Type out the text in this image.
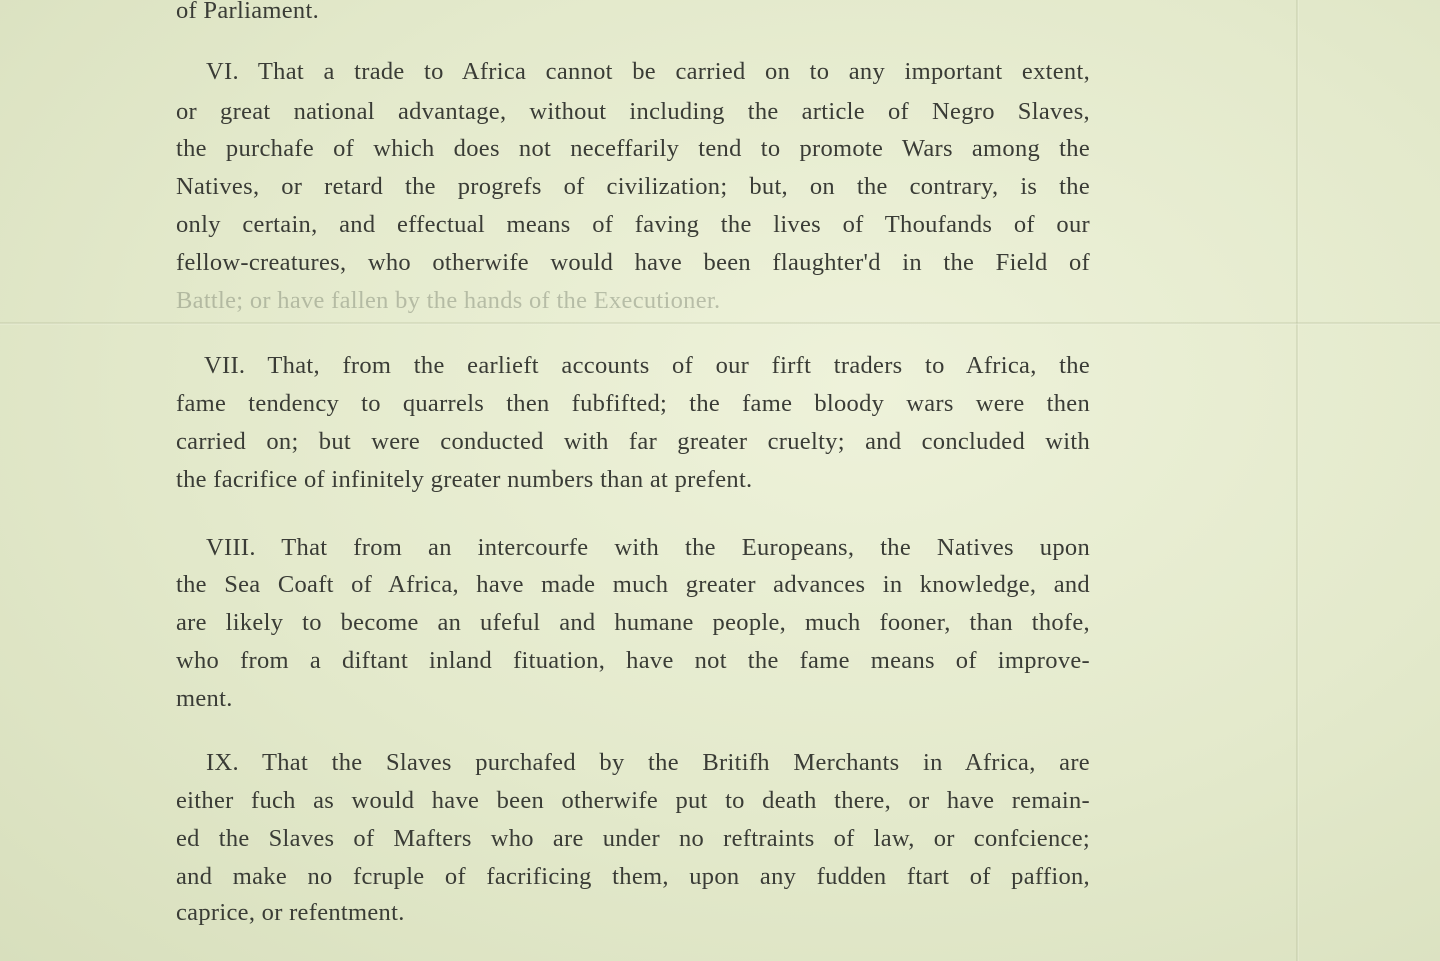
of Parliament.
VI. That a trade to Africa cannot be carried on to any important extent,
or great national advantage, without including the article of Negro Slaves,
the purchafe of which does not neceffarily tend to promote Wars among the
Natives, or retard the progrefs of civilization; but, on the contrary, is the
only certain, and effectual means of faving the lives of Thoufands of our
fellow-creatures, who otherwife would have been flaughter'd in the Field of
Battle; or have fallen by the hands of the Executioner.
VII. That, from the earlieft accounts of our firft traders to Africa, the
fame tendency to quarrels then fubfifted; the fame bloody wars were then
carried on; but were conducted with far greater cruelty; and concluded with
the facrifice of infinitely greater numbers than at prefent.
VIII. That from an intercourfe with the Europeans, the Natives upon
the Sea Coaft of Africa, have made much greater advances in knowledge, and
are likely to become an ufeful and humane people, much fooner, than thofe,
who from a diftant inland fituation, have not the fame means of improve-
ment.
IX. That the Slaves purchafed by the Britifh Merchants in Africa, are
either fuch as would have been otherwife put to death there, or have remain-
ed the Slaves of Mafters who are under no reftraints of law, or confcience;
and make no fcruple of facrificing them, upon any fudden ftart of paffion,
caprice, or refentment.
